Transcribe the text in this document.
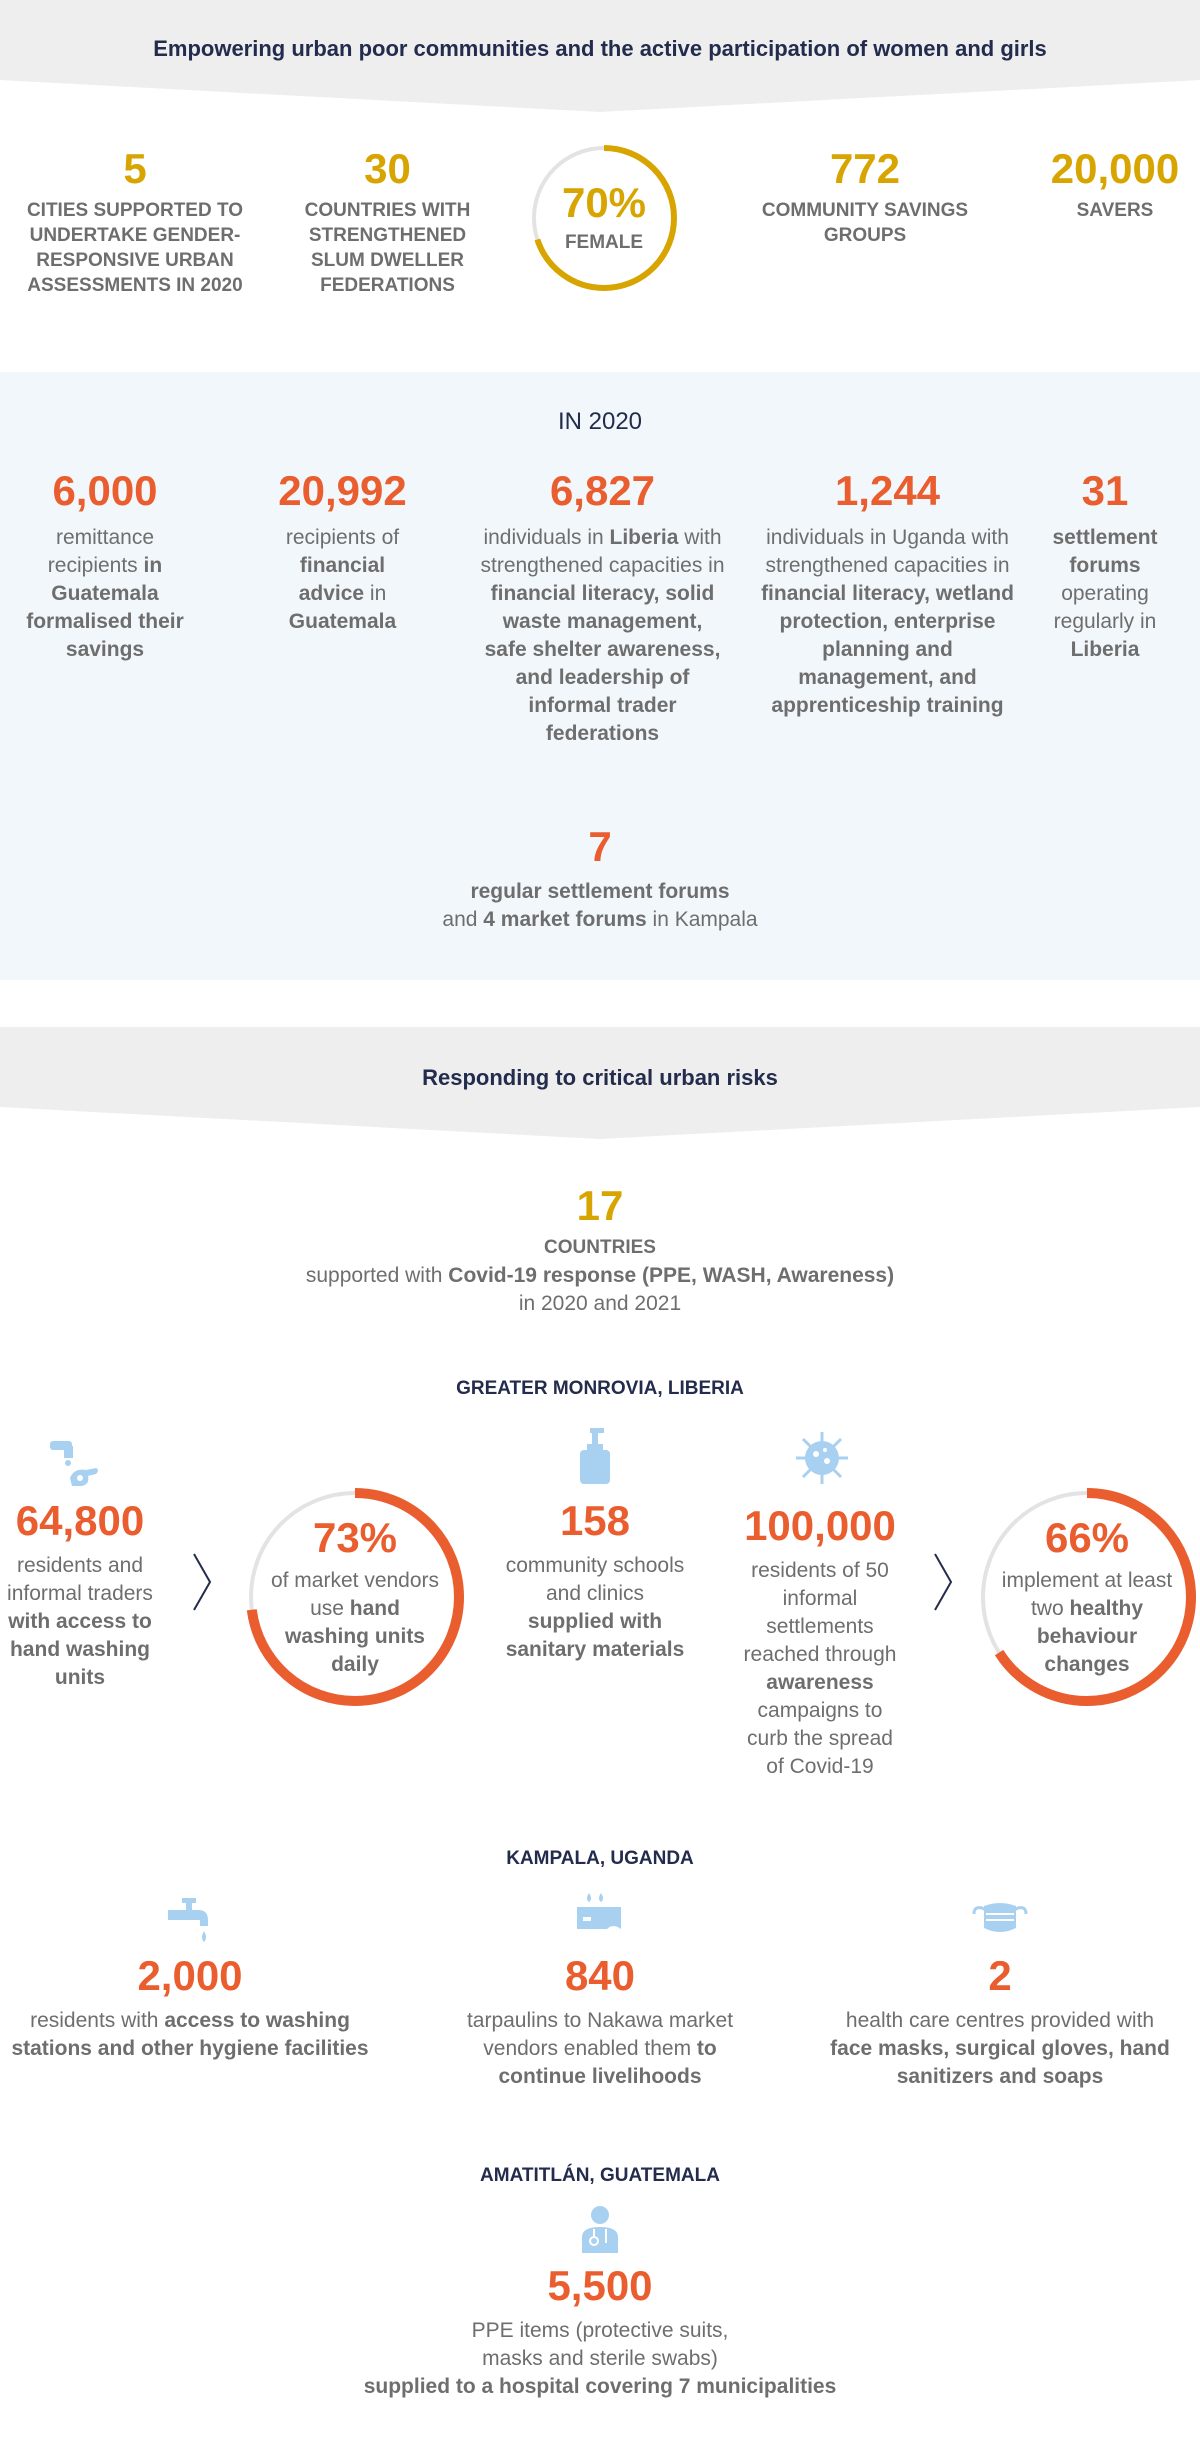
Empowering urban poor communities and the active participation of women and girls
5
CITIES SUPPORTED TO UNDERTAKE GENDER-RESPONSIVE URBAN ASSESSMENTS IN 2020
30
COUNTRIES WITH STRENGTHENED SLUM DWELLER FEDERATIONS
70%
FEMALE
772
COMMUNITY SAVINGS GROUPS
20,000
SAVERS
IN 2020
6,000
remittance recipients in Guatemala formalised their savings
20,992
recipients of financial advice in Guatemala
6,827
individuals in Liberia with strengthened capacities in financial literacy, solid waste management, safe shelter awareness, and leadership of informal trader federations
1,244
individuals in Uganda with strengthened capacities in financial literacy, wetland protection, enterprise planning and management, and apprenticeship training
31
settlement forums operating regularly in Liberia
7
regular settlement forums
and 4 market forums in Kampala
Responding to critical urban risks
17
COUNTRIES
supported with Covid-19 response (PPE, WASH, Awareness)
in 2020 and 2021
GREATER MONROVIA, LIBERIA
64,800
residents and informal traders with access to hand washing units
73%
of market vendors use hand washing units daily
158
community schools and clinics supplied with sanitary materials
100,000
residents of 50 informal settlements reached through awareness campaigns to curb the spread of Covid-19
66%
implement at least two healthy behaviour changes
KAMPALA, UGANDA
2,000
residents with access to washing stations and other hygiene facilities
840
tarpaulins to Nakawa market vendors enabled them to continue livelihoods
2
health care centres provided with face masks, surgical gloves, hand sanitizers and soaps
AMATITLÁN, GUATEMALA
5,500
PPE items (protective suits, masks and sterile swabs)
supplied to a hospital covering 7 municipalities
